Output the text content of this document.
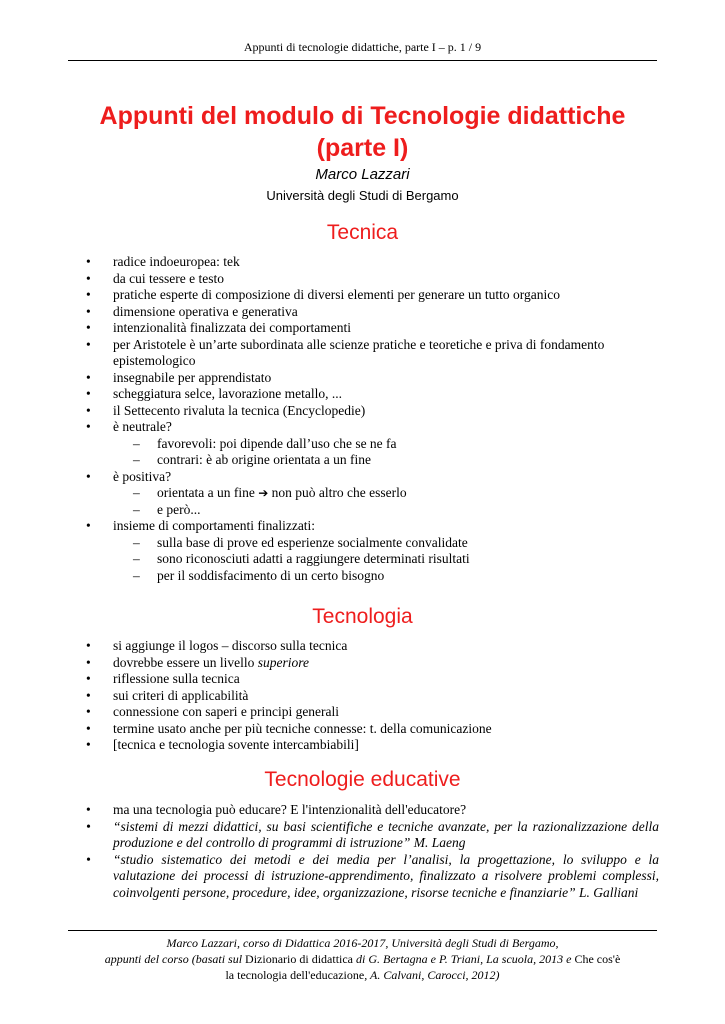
Appunti di tecnologie didattiche, parte I – p. 1 / 9
Appunti del modulo di Tecnologie didattiche
(parte I)
Marco Lazzari
Università degli Studi di Bergamo
Tecnica
•	radice indoeuropea: tek
•	da cui tessere e testo
•	pratiche esperte di composizione di diversi elementi per generare un tutto organico
•	dimensione operativa e generativa
•	intenzionalità finalizzata dei comportamenti
•	per Aristotele è un’arte subordinata alle scienze pratiche e teoretiche e priva di fondamento epistemologico
•	insegnabile per apprendistato
•	scheggiatura selce, lavorazione metallo, ...
•	il Settecento rivaluta la tecnica (Encyclopedie)
•	è neutrale?
– favorevoli: poi dipende dall’uso che se ne fa
– contrari: è ab origine orientata a un fine
•	è positiva?
– orientata a un fine ➔ non può altro che esserlo
– e però...
•	insieme di comportamenti finalizzati:
– sulla base di prove ed esperienze socialmente convalidate
– sono riconosciuti adatti a raggiungere determinati risultati
– per il soddisfacimento di un certo bisogno
Tecnologia
•	si aggiunge il logos – discorso sulla tecnica
•	dovrebbe essere un livello superiore
•	riflessione sulla tecnica
•	sui criteri di applicabilità
•	connessione con saperi e principi generali
•	termine usato anche per più tecniche connesse: t. della comunicazione
•	[tecnica e tecnologia sovente intercambiabili]
Tecnologie educative
•	ma una tecnologia può educare? E l'intenzionalità dell'educatore?
•	“sistemi di mezzi didattici, su basi scientifiche e tecniche avanzate, per la razionalizzazione della produzione e del controllo di programmi di istruzione” M. Laeng
•	“studio sistematico dei metodi e dei media per l’analisi, la progettazione, lo sviluppo e la valutazione dei processi di istruzione-apprendimento, finalizzato a risolvere problemi complessi, coinvolgenti persone, procedure, idee, organizzazione, risorse tecniche e finanziarie” L. Galliani
Marco Lazzari, corso di Didattica 2016-2017, Università degli Studi di Bergamo,
appunti del corso (basati sul Dizionario di didattica di G. Bertagna e P. Triani, La scuola, 2013 e Che cos'è
la tecnologia dell'educazione, A. Calvani, Carocci, 2012)
